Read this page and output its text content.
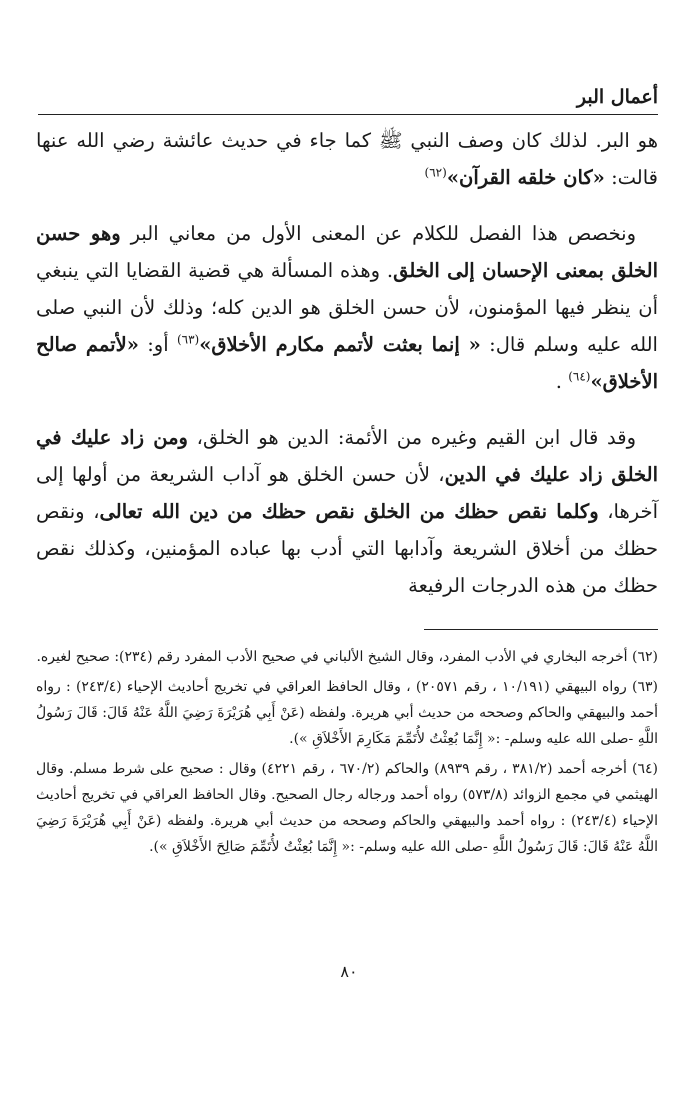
أعمال البر

هو البر. لذلك كان وصف النبي ﷺ كما جاء في حديث عائشة رضي الله عنها قالت: «كان خلقه القرآن»$^{(٦٢)}$

ونخصص هذا الفصل للكلام عن المعنى الأول من معاني البر وهو حسن الخلق بمعنى الإحسان إلى الخلق. وهذه المسألة هي قضية القضايا التي ينبغي أن ينظر فيها المؤمنون، لأن حسن الخلق هو الدين كله؛ وذلك لأن النبي صلى الله عليه وسلم قال: « إنما بعثت لأتمم مكارم الأخلاق»$^{(٦٣)}$ أو: «لأتمم صالح الأخلاق»$^{(٦٤)}$ .

وقد قال ابن القيم وغيره من الأئمة: الدين هو الخلق، ومن زاد عليك في الخلق زاد عليك في الدين، لأن حسن الخلق هو آداب الشريعة من أولها إلى آخرها، وكلما نقص حظك من الخلق نقص حظك من دين الله تعالى، ونقص حظك من أخلاق الشريعة وآدابها التي أدب بها عباده المؤمنين، وكذلك نقص حظك من هذه الدرجات الرفيعة

(٦٢) أخرجه البخاري في الأدب المفرد، وقال الشيخ الألباني في صحيح الأدب المفرد رقم (٢٣٤): صحيح لغيره.

(٦٣) رواه البيهقي (١٠/١٩١ ، رقم ٢٠٥٧١) ، وقال الحافظ العراقي في تخريج أحاديث الإحياء (٢٤٣/٤) : رواه أحمد والبيهقي والحاكم وصححه من حديث أبي هريرة. ولفظه (عَنْ أَبِي هُرَيْرَةَ رَضِيَ اللَّهُ عَنْهُ قَالَ: قَالَ رَسُولُ اللَّهِ -صلى الله عليه وسلم- :« إِنَّمَا بُعِثْتُ لأُتَمِّمَ مَكَارِمَ الأَخْلاَقِ »).

(٦٤) أخرجه أحمد (٣٨١/٢ ، رقم ٨٩٣٩) والحاكم (٦٧٠/٢ ، رقم ٤٢٢١) وقال : صحيح على شرط مسلم. وقال الهيثمي في مجمع الزوائد (٥٧٣/٨) رواه أحمد ورجاله رجال الصحيح. وقال الحافظ العراقي في تخريج أحاديث الإحياء (٢٤٣/٤) : رواه أحمد والبيهقي والحاكم وصححه من حديث أبي هريرة. ولفظه (عَنْ أَبِي هُرَيْرَةَ رَضِيَ اللَّهُ عَنْهُ قَالَ: قَالَ رَسُولُ اللَّهِ -صلى الله عليه وسلم- :« إِنَّمَا بُعِثْتُ لأُتَمِّمَ صَالِحَ الأَخْلاَقِ »).

٨٠
